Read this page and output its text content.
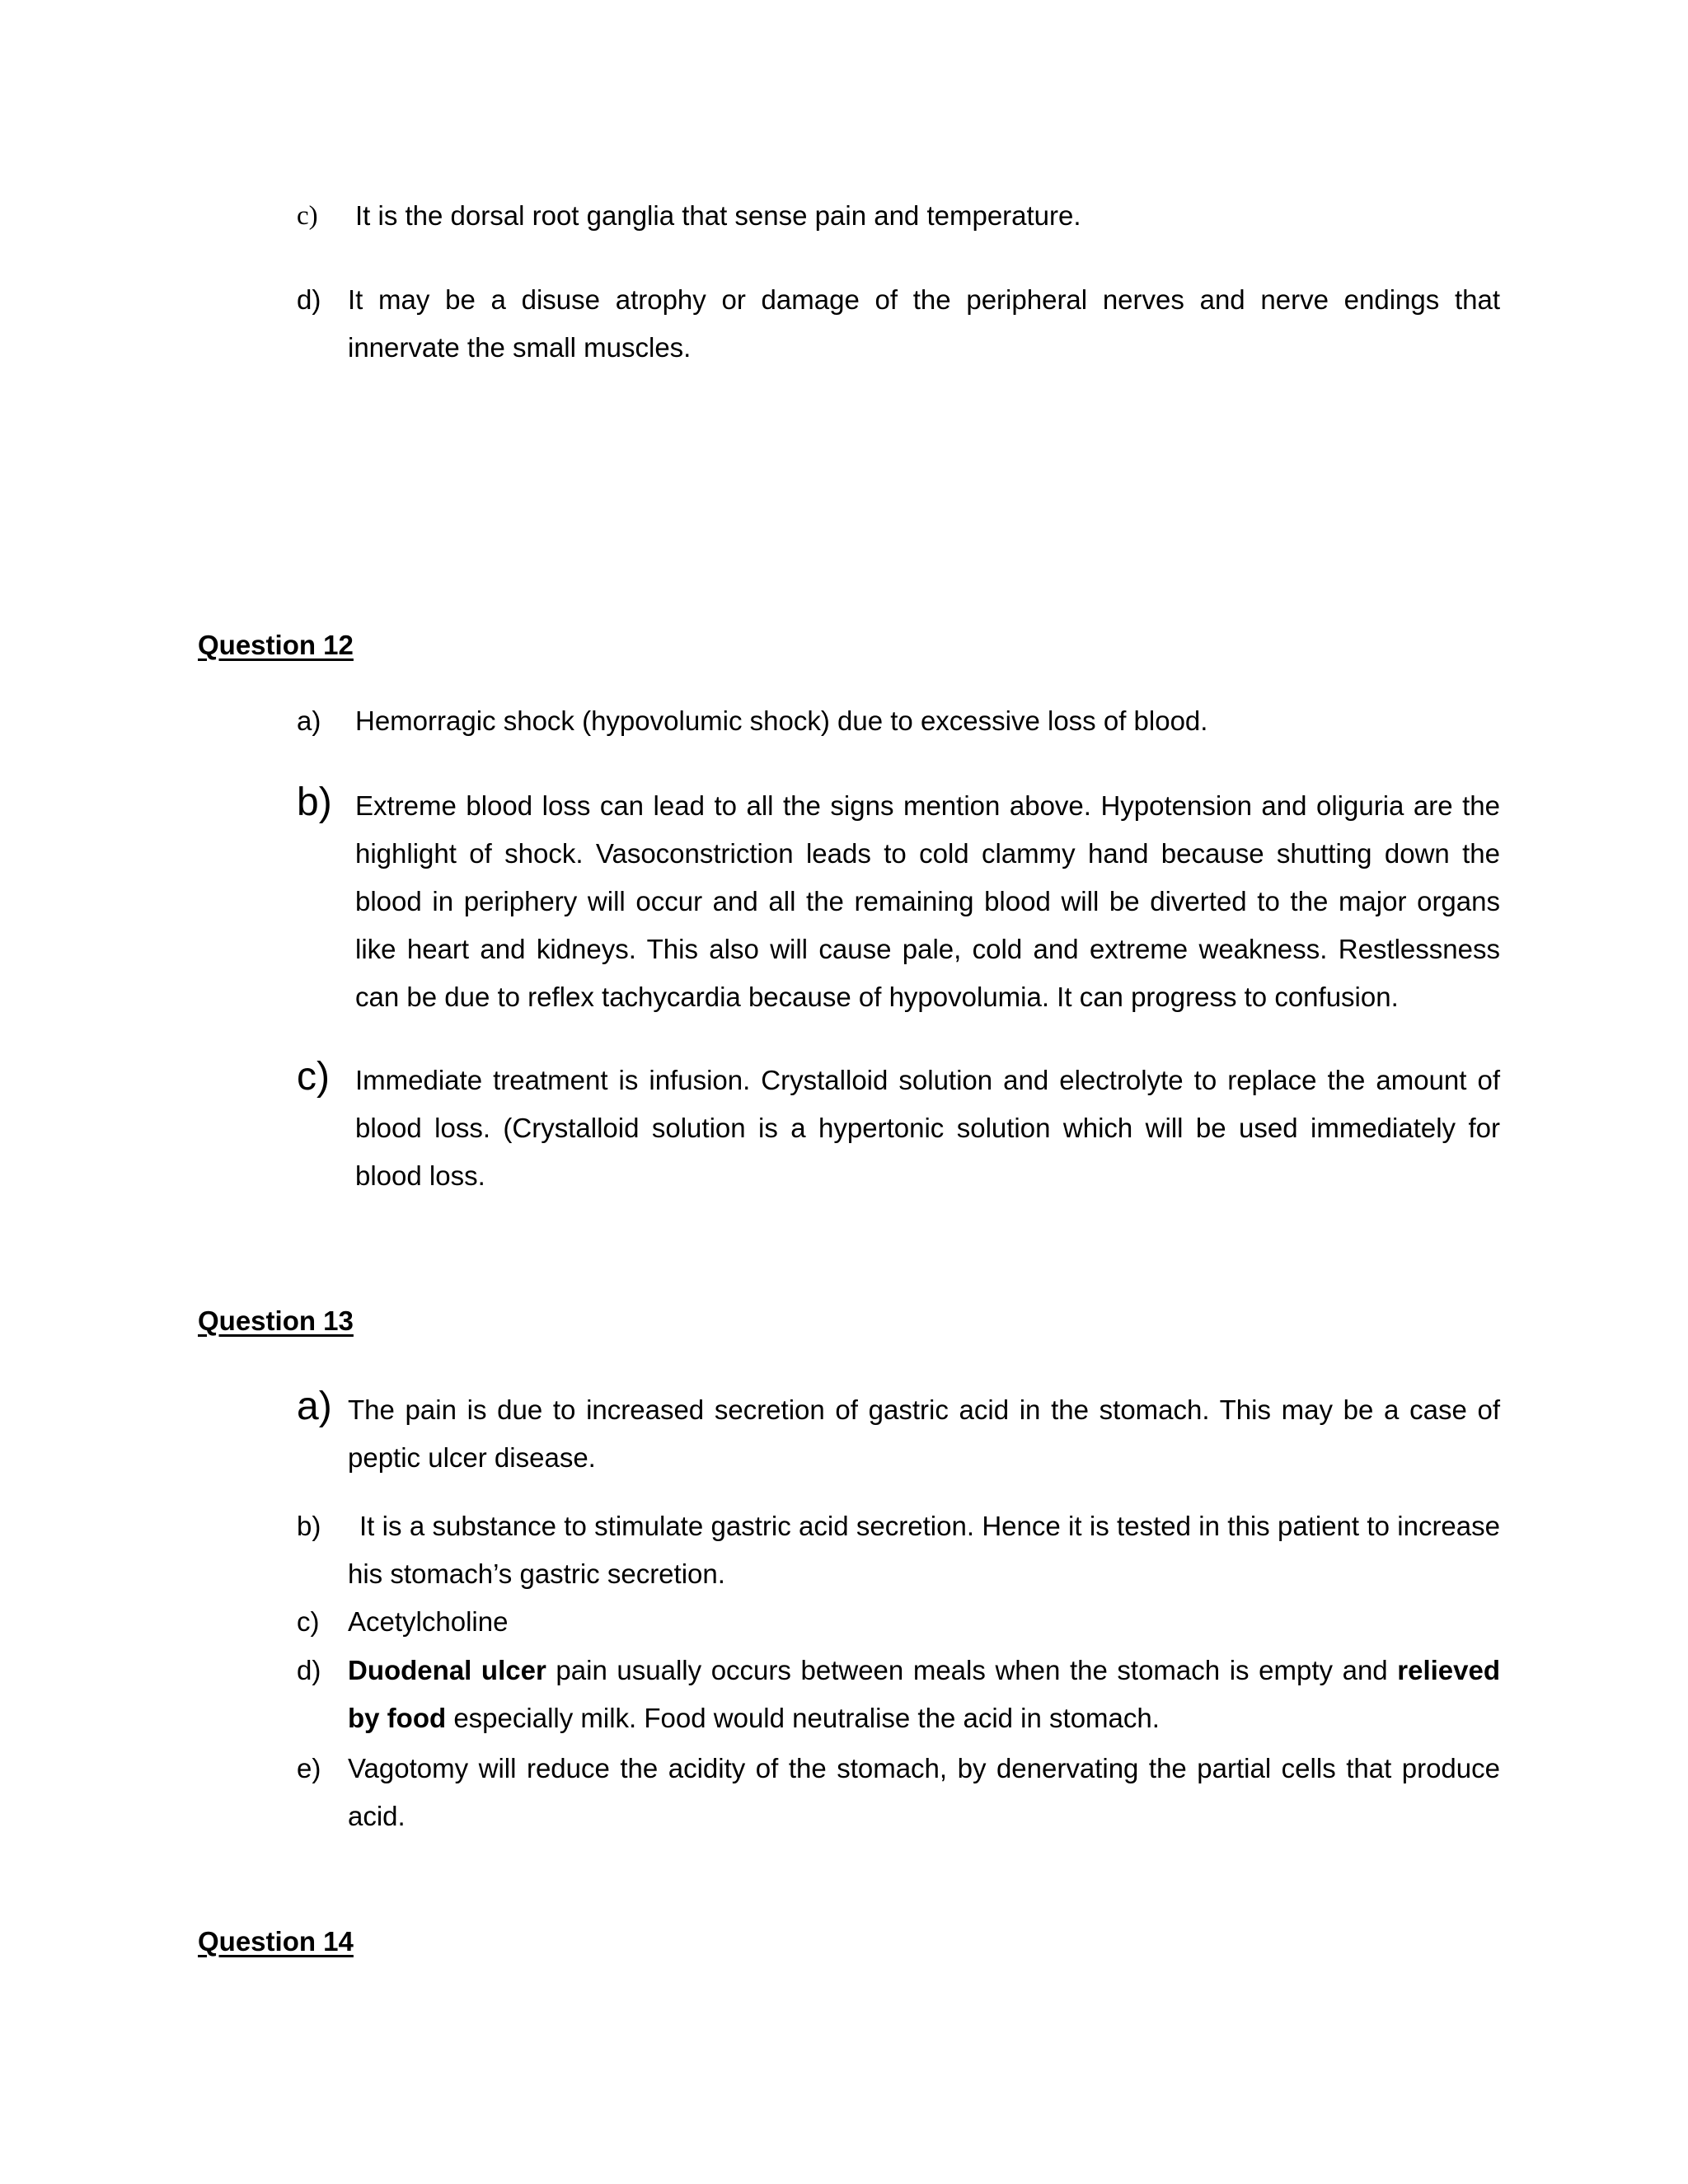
c) It is the dorsal root ganglia that sense pain and temperature.
d) It may be a disuse atrophy or damage of the peripheral nerves and nerve endings that innervate the small muscles.
Question 12
a) Hemorragic shock (hypovolumic shock) due to excessive loss of blood.
b) Extreme blood loss can lead to all the signs mention above. Hypotension and oliguria are the highlight of shock. Vasoconstriction leads to cold clammy hand because shutting down the blood in periphery will occur and all the remaining blood will be diverted to the major organs like heart and kidneys. This also will cause pale, cold and extreme weakness. Restlessness can be due to reflex tachycardia because of hypovolumia. It can progress to confusion.
c) Immediate treatment is infusion. Crystalloid solution and electrolyte to replace the amount of blood loss. (Crystalloid solution is a hypertonic solution which will be used immediately for blood loss.
Question 13
a) The pain is due to increased secretion of gastric acid in the stomach. This may be a case of peptic ulcer disease.
b)	It is a substance to stimulate gastric acid secretion. Hence it is tested in this patient to increase his stomach’s gastric secretion.
c) Acetylcholine
d) Duodenal ulcer pain usually occurs between meals when the stomach is empty and relieved by food especially milk. Food would neutralise the acid in stomach.
e) Vagotomy will reduce the acidity of the stomach, by denervating the partial cells that produce acid.
Question 14
